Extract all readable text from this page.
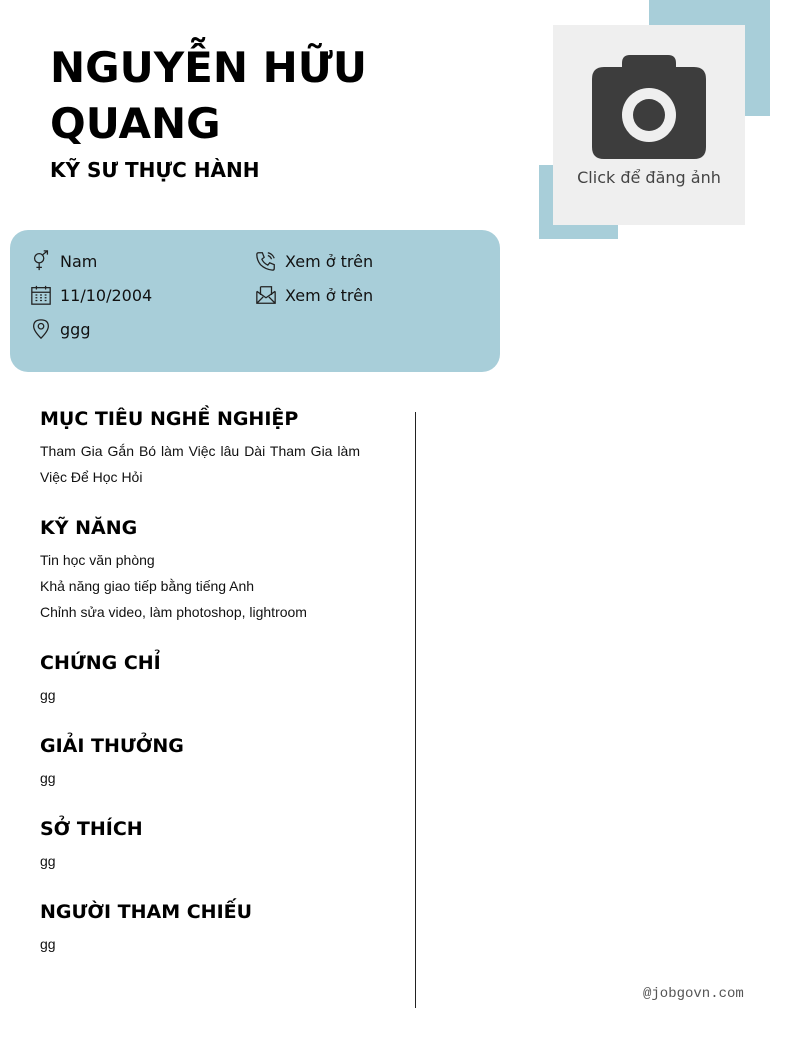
NGUYỄN HỮU QUANG
KỸ SƯ THỰC HÀNH	Click để đăng ảnh
Nam	Xem ở trên
11/10/2004	Xem ở trên
ggg
MỤC TIÊU NGHỀ NGHIỆP
Tham Gia Gắn Bó làm Việc lâu Dài Tham Gia làm Việc Để Học Hỏi
KỸ NĂNG
Tin học văn phòng
Khả năng giao tiếp bằng tiếng Anh
Chỉnh sửa video, làm photoshop, lightroom
CHỨNG CHỈ
gg
GIẢI THƯỞNG
gg
SỞ THÍCH
gg
NGƯỜI THAM CHIẾU
gg
@jobgovn.com
